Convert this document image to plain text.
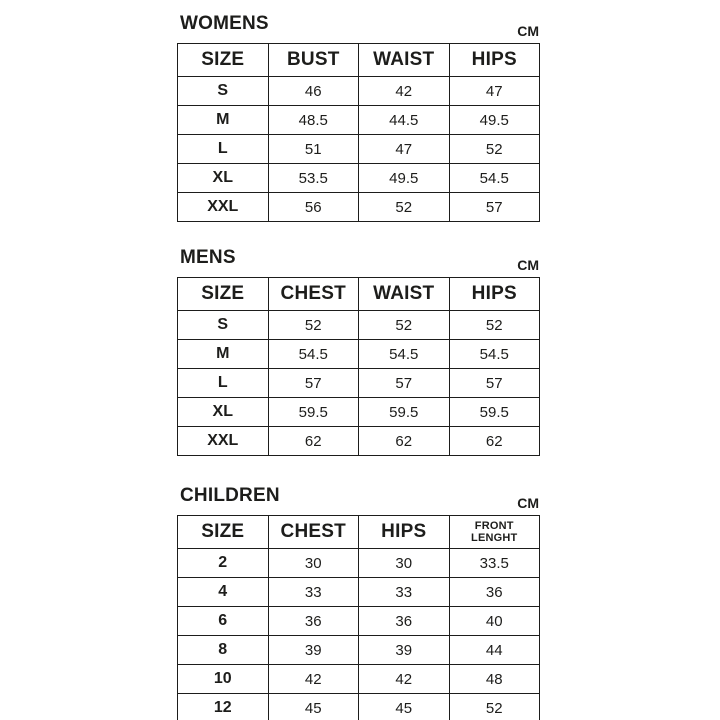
WOMENS	CM
SIZE	BUST	WAIST	HIPS
S	46	42	47
M	48.5	44.5	49.5
L	51	47	52
XL	53.5	49.5	54.5
XXL	56	52	57
MENS	CM
SIZE	CHEST	WAIST	HIPS
S	52	52	52
M	54.5	54.5	54.5
L	57	57	57
XL	59.5	59.5	59.5
XXL	62	62	62
CHILDREN	CM
SIZE	CHEST	HIPS	FRONT LENGHT
2	30	30	33.5
4	33	33	36
6	36	36	40
8	39	39	44
10	42	42	48
12	45	45	52
